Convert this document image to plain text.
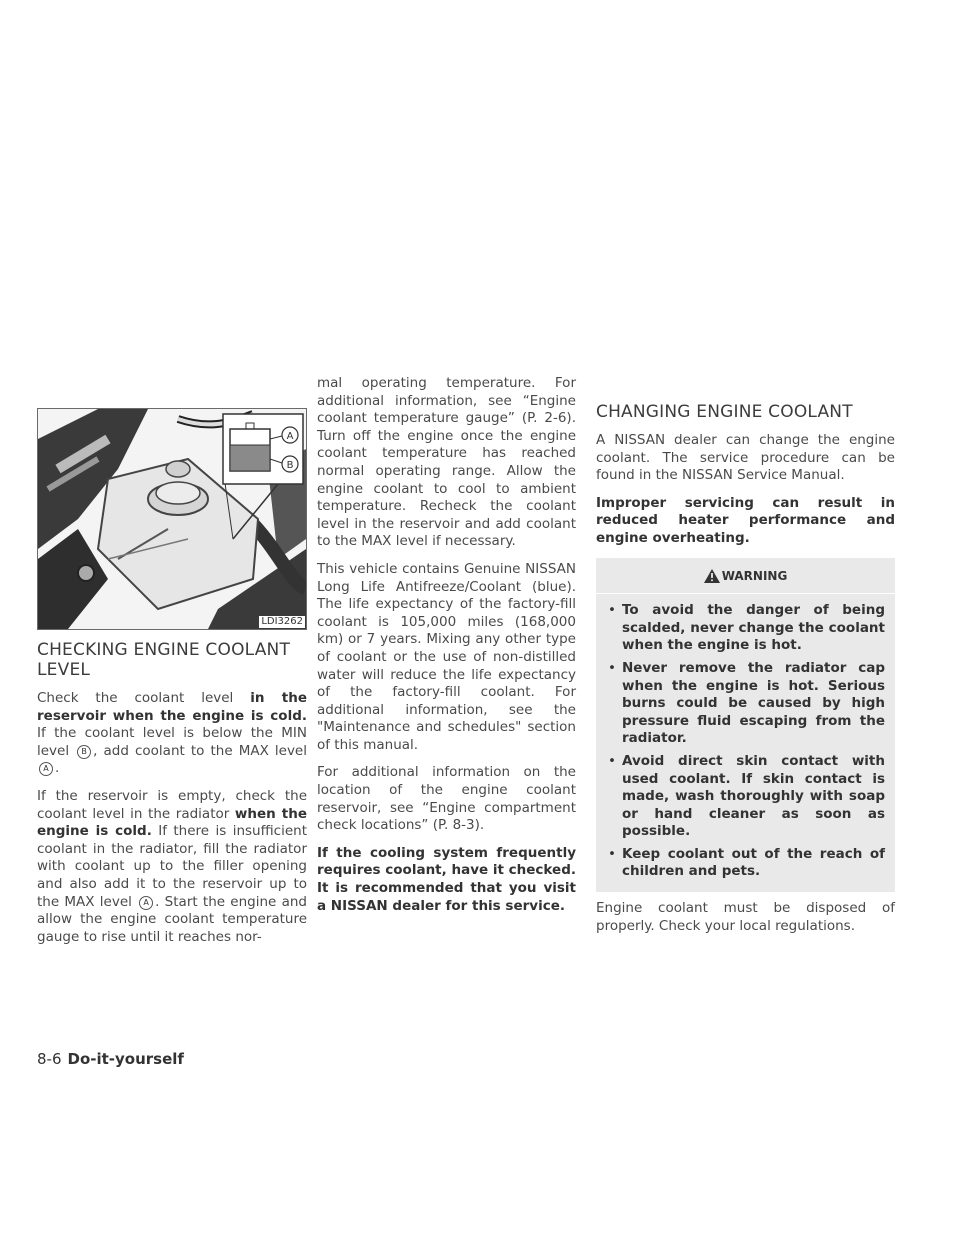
A
B
LDI3262
CHECKING ENGINE COOLANT
LEVEL

Check the coolant level in the reservoir when the engine is cold. If the coolant level is below the MIN level B , add coolant to the MAX level A .

If the reservoir is empty, check the coolant level in the radiator when the engine is cold. If there is insufficient coolant in the radiator, fill the radiator with coolant up to the filler opening and also add it to the reservoir up to the MAX level A . Start the engine and allow the engine coolant temperature gauge to rise until it reaches nor-

mal operating temperature. For additional information, see “Engine coolant temperature gauge” (P. 2-6). Turn off the engine once the engine coolant temperature has reached normal operating range. Allow the engine coolant to cool to ambient temperature. Recheck the coolant level in the reservoir and add coolant to the MAX level if necessary.

This vehicle contains Genuine NISSAN Long Life Antifreeze/Coolant (blue). The life expectancy of the factory-fill coolant is 105,000 miles (168,000 km) or 7 years. Mixing any other type of coolant or the use of non-distilled water will reduce the life expectancy of the factory-fill coolant. For additional information, see the "Maintenance and schedules" section of this manual.

For additional information on the location of the engine coolant reservoir, see “Engine compartment check locations” (P. 8-3).

If the cooling system frequently requires coolant, have it checked. It is recommended that you visit a NISSAN dealer for this service.

CHANGING ENGINE COOLANT

A NISSAN dealer can change the engine coolant. The service procedure can be found in the NISSAN Service Manual.

Improper servicing can result in reduced heater performance and engine overheating.

WARNING
• To avoid the danger of being scalded, never change the coolant when the engine is hot.
• Never remove the radiator cap when the engine is hot. Serious burns could be caused by high pressure fluid escaping from the radiator.
• Avoid direct skin contact with used coolant. If skin contact is made, wash thoroughly with soap or hand cleaner as soon as possible.
• Keep coolant out of the reach of children and pets.

Engine coolant must be disposed of properly. Check your local regulations.

8-6 Do-it-yourself
